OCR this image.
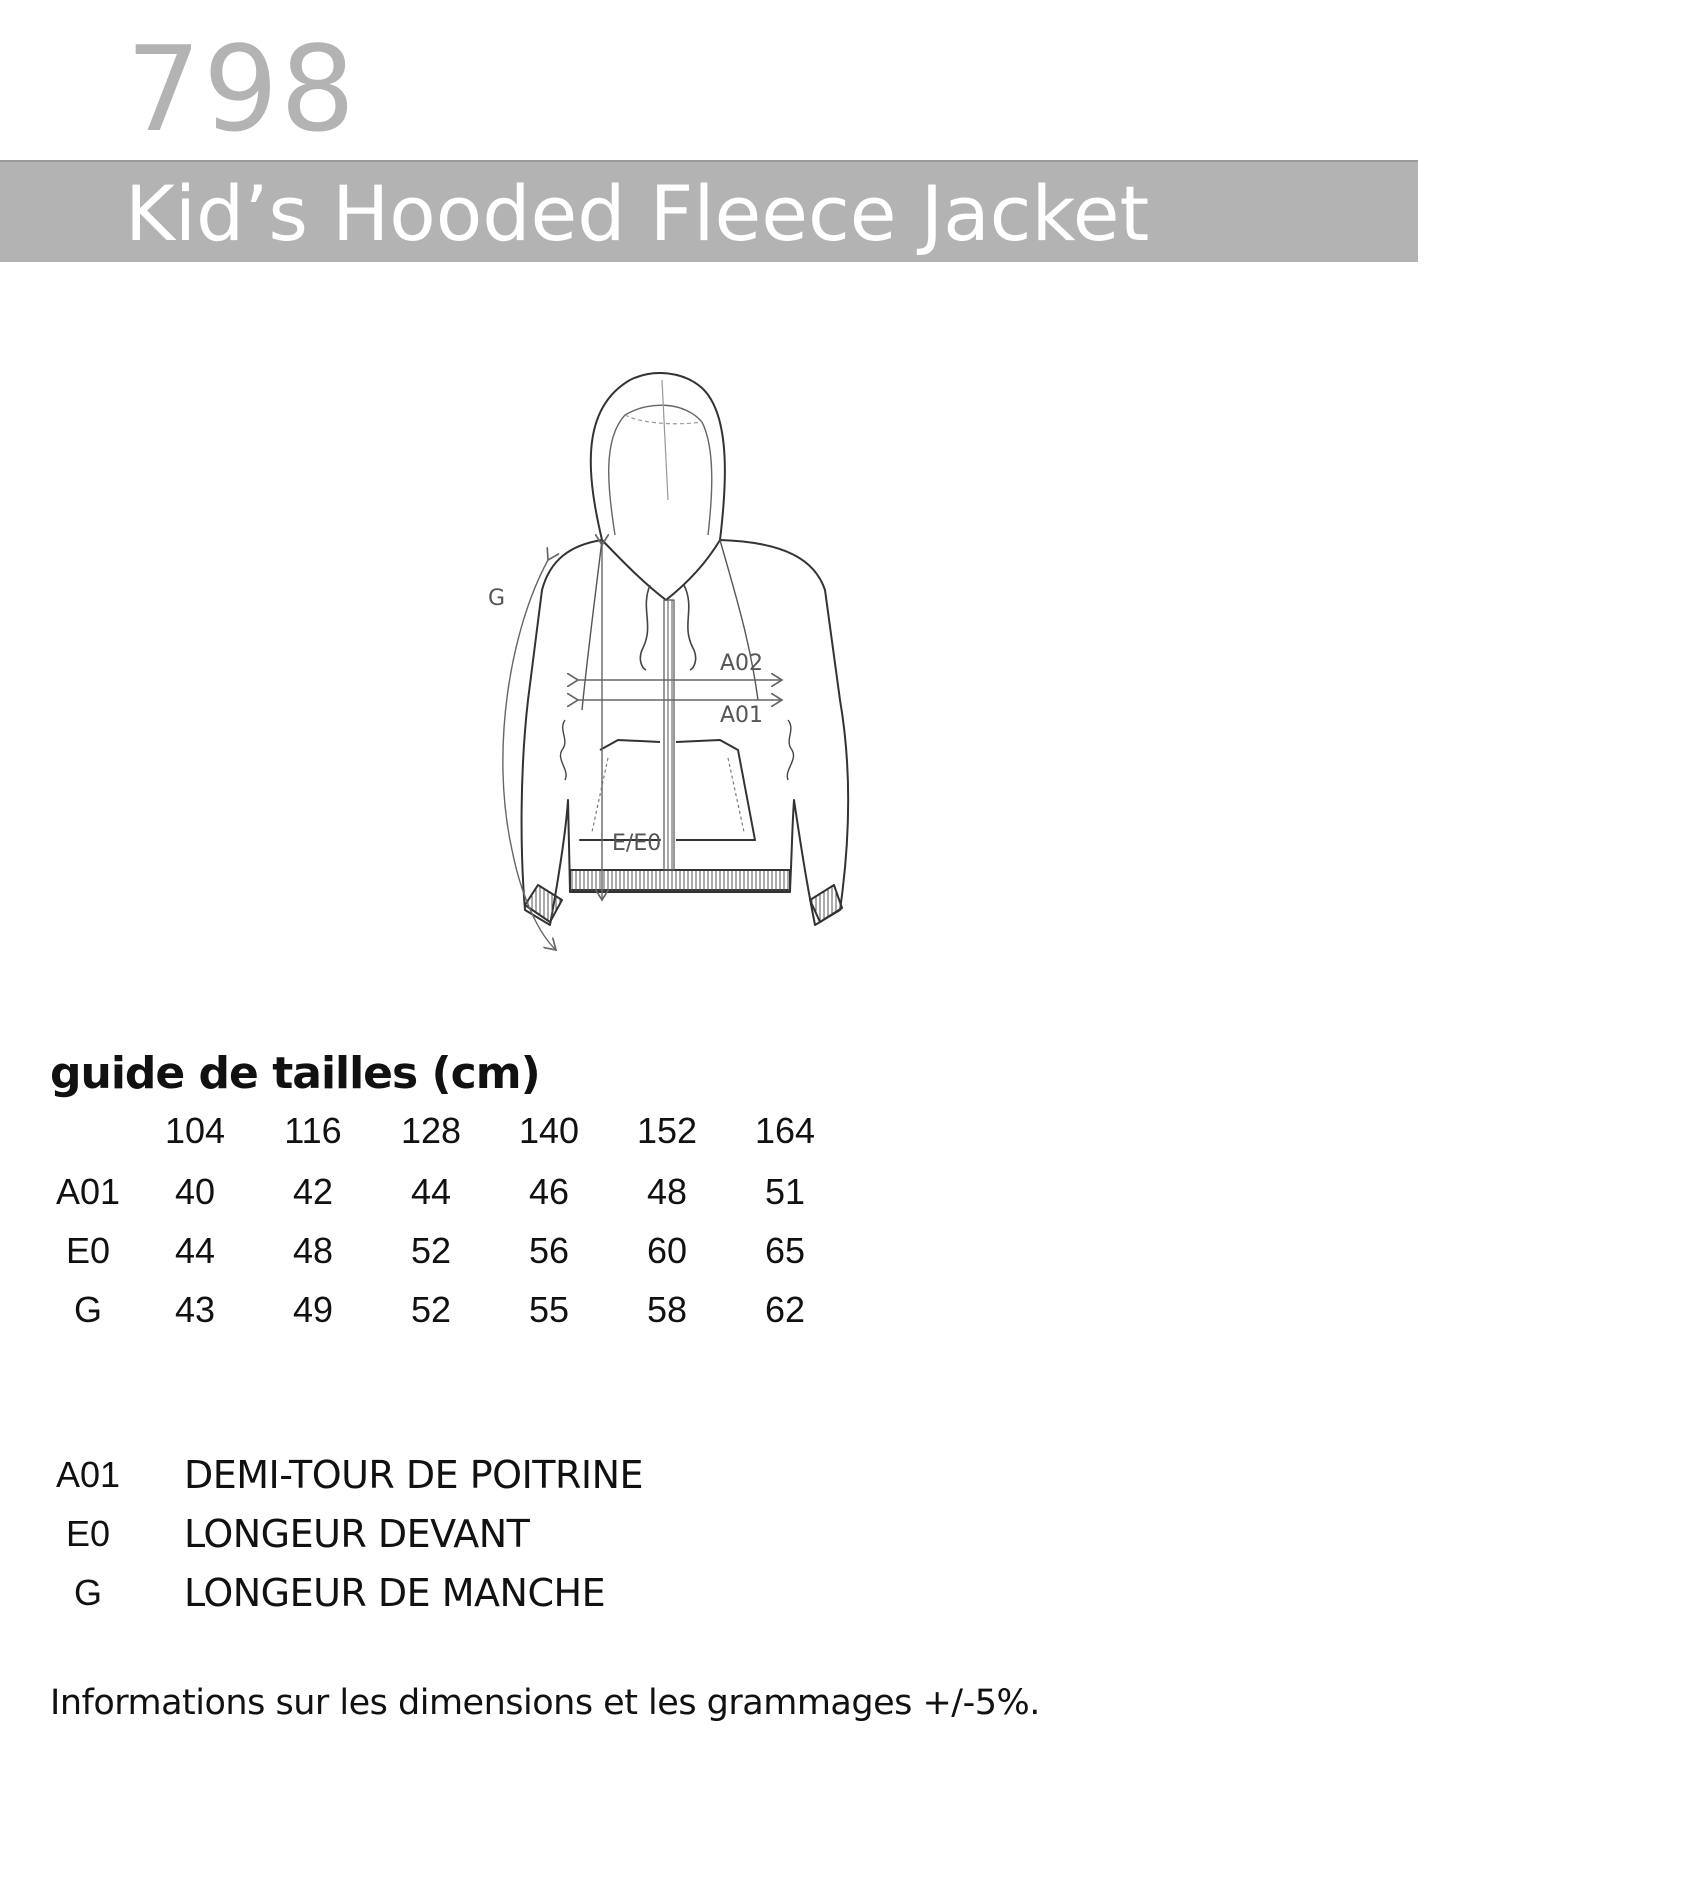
798
Kid’s Hooded Fleece Jacket
G
A02
A01
E/E0
guide de tailles (cm)
	104	116	128	140	152	164
A01	40	42	44	46	48	51
E0	44	48	52	56	60	65
G	43	49	52	55	58	62
A01	DEMI-TOUR DE POITRINE
E0	LONGEUR DEVANT
G	LONGEUR DE MANCHE
Informations sur les dimensions et les grammages +/-5%.
